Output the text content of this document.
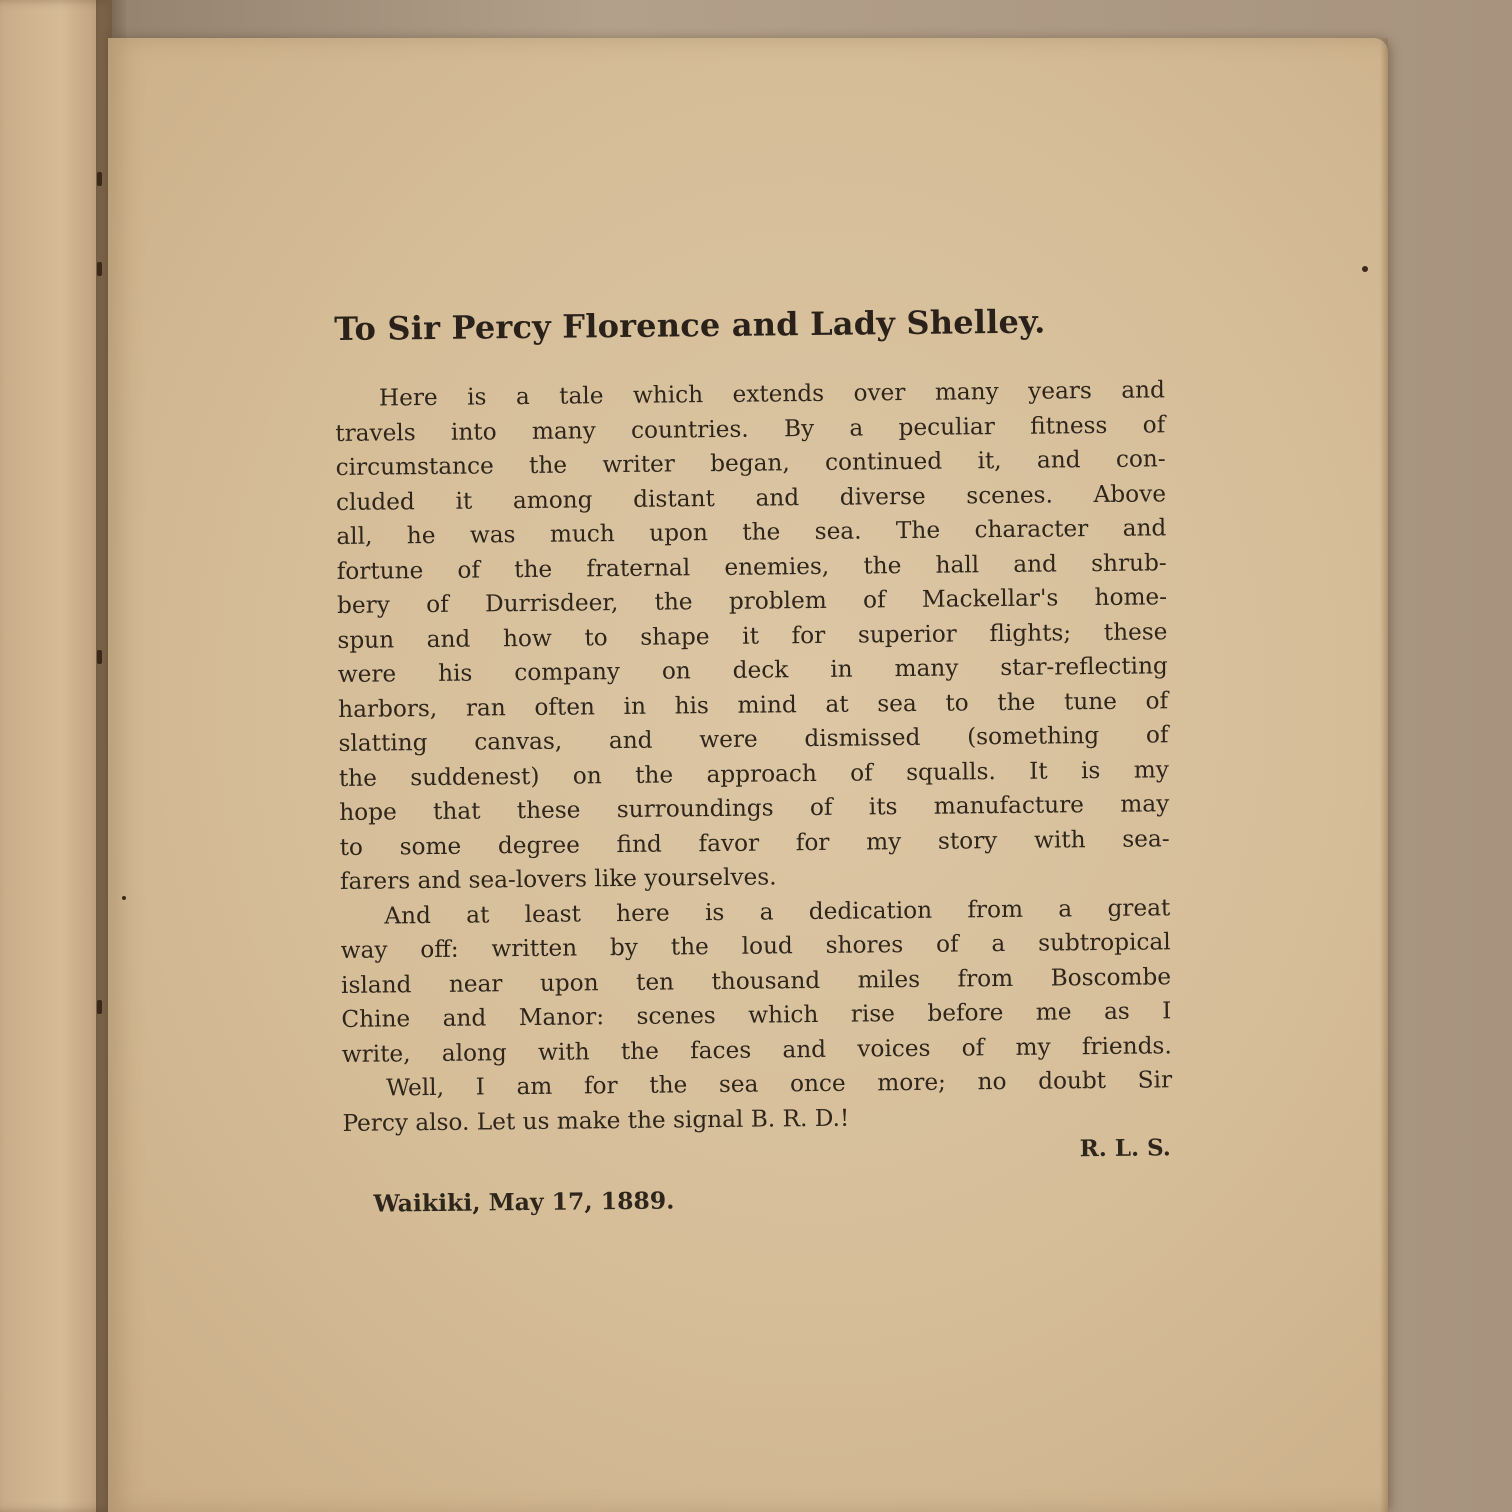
To Sir Percy Florence and Lady Shelley.

Here is a tale which extends over many years and
travels into many countries. By a peculiar fitness of
circumstance the writer began, continued it, and con-
cluded it among distant and diverse scenes. Above
all, he was much upon the sea. The character and
fortune of the fraternal enemies, the hall and shrub-
bery of Durrisdeer, the problem of Mackellar's home-
spun and how to shape it for superior flights; these
were his company on deck in many star-reflecting
harbors, ran often in his mind at sea to the tune of
slatting canvas, and were dismissed (something of
the suddenest) on the approach of squalls. It is my
hope that these surroundings of its manufacture may
to some degree find favor for my story with sea-
farers and sea-lovers like yourselves.

And at least here is a dedication from a great
way off: written by the loud shores of a subtropical
island near upon ten thousand miles from Boscombe
Chine and Manor: scenes which rise before me as I
write, along with the faces and voices of my friends.

Well, I am for the sea once more; no doubt Sir
Percy also. Let us make the signal B. R. D.!

R. L. S.
Waikiki, May 17, 1889.
